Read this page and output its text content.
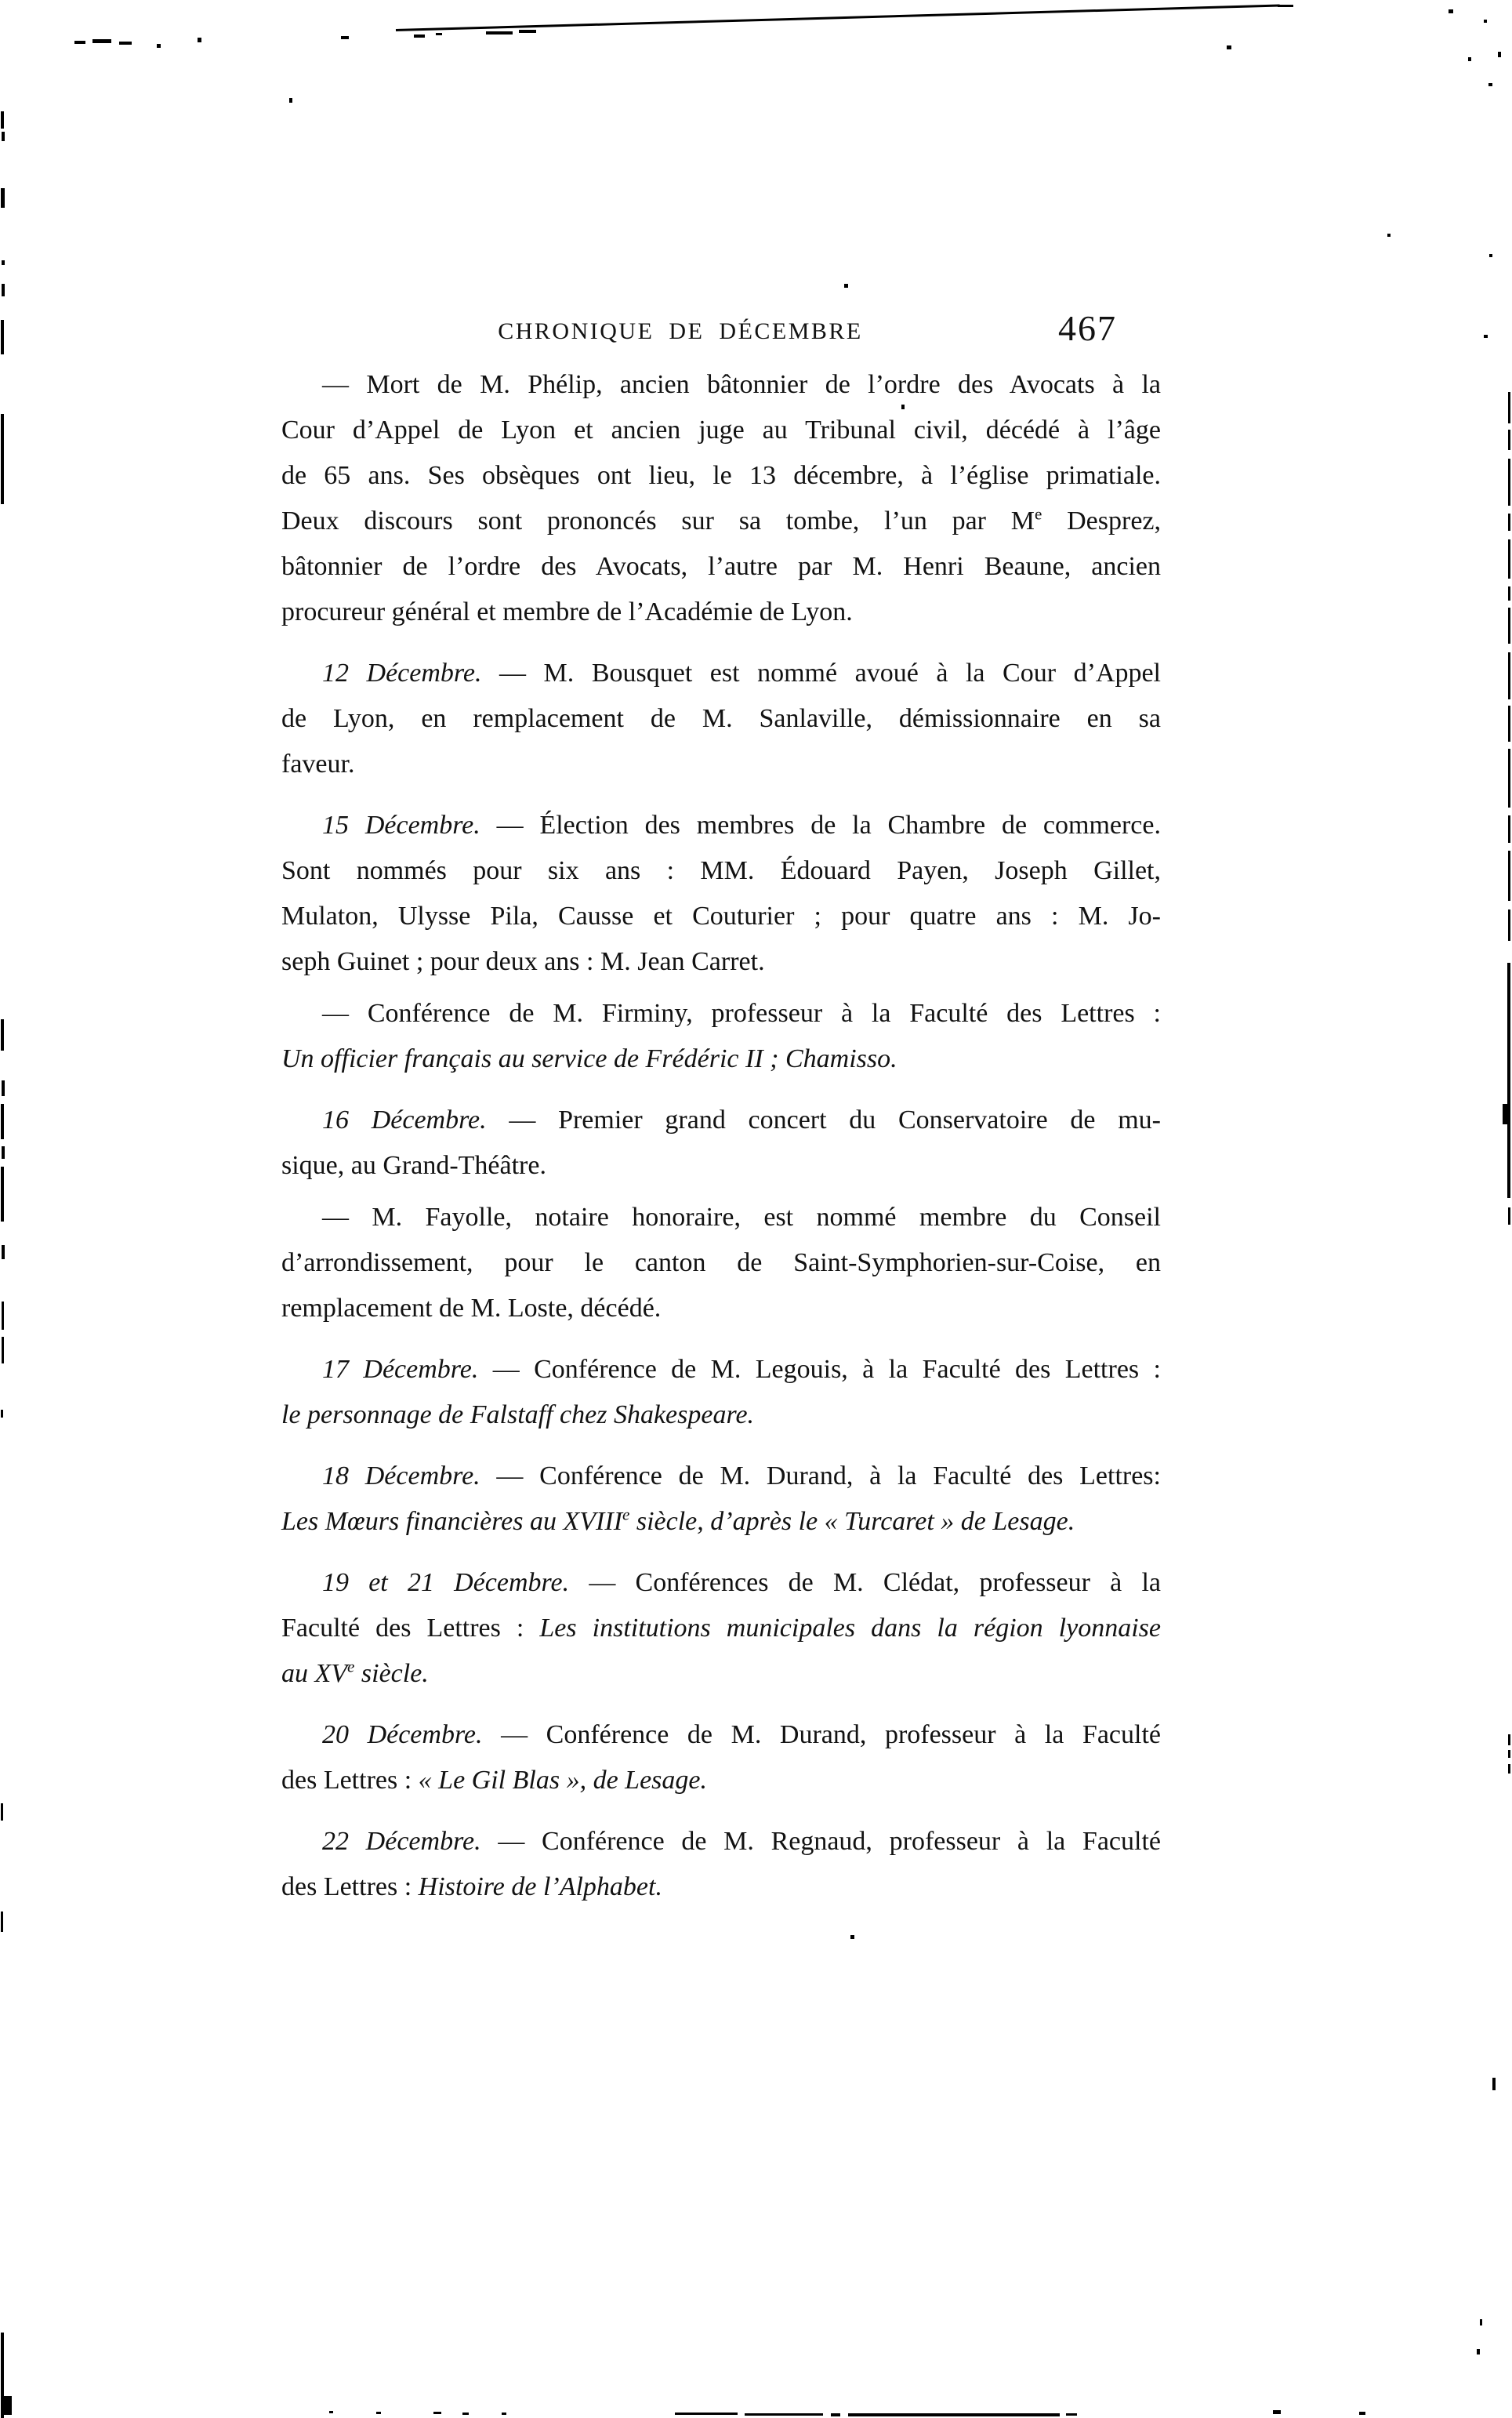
CHRONIQUE DE DÉCEMBRE	467
— Mort de M. Phélip, ancien bâtonnier de l’ordre des Avocats à la
Cour d’Appel de Lyon et ancien juge au Tribunal civil, décédé à l’âge
de 65 ans. Ses obsèques ont lieu, le 13 décembre, à l’église primatiale.
Deux discours sont prononcés sur sa tombe, l’un par Me Desprez,
bâtonnier de l’ordre des Avocats, l’autre par M. Henri Beaune, ancien
procureur général et membre de l’Académie de Lyon.
12 Décembre. — M. Bousquet est nommé avoué à la Cour d’Appel
de Lyon, en remplacement de M. Sanlaville, démissionnaire en sa
faveur.
15 Décembre. — Élection des membres de la Chambre de commerce.
Sont nommés pour six ans : MM. Édouard Payen, Joseph Gillet,
Mulaton, Ulysse Pila, Causse et Couturier ; pour quatre ans : M. Jo-
seph Guinet ; pour deux ans : M. Jean Carret.
— Conférence de M. Firminy, professeur à la Faculté des Lettres :
Un officier français au service de Frédéric II ; Chamisso.
16 Décembre. — Premier grand concert du Conservatoire de mu-
sique, au Grand-Théâtre.
— M. Fayolle, notaire honoraire, est nommé membre du Conseil
d’arrondissement, pour le canton de Saint-Symphorien-sur-Coise, en
remplacement de M. Loste, décédé.
17 Décembre. — Conférence de M. Legouis, à la Faculté des Lettres :
le personnage de Falstaff chez Shakespeare.
18 Décembre. — Conférence de M. Durand, à la Faculté des Lettres:
Les Mœurs financières au XVIIIe siècle, d’après le « Turcaret » de Lesage.
19 et 21 Décembre. — Conférences de M. Clédat, professeur à la
Faculté des Lettres : Les institutions municipales dans la région lyonnaise
au XVe siècle.
20 Décembre. — Conférence de M. Durand, professeur à la Faculté
des Lettres : « Le Gil Blas », de Lesage.
22 Décembre. — Conférence de M. Regnaud, professeur à la Faculté
des Lettres : Histoire de l’Alphabet.
